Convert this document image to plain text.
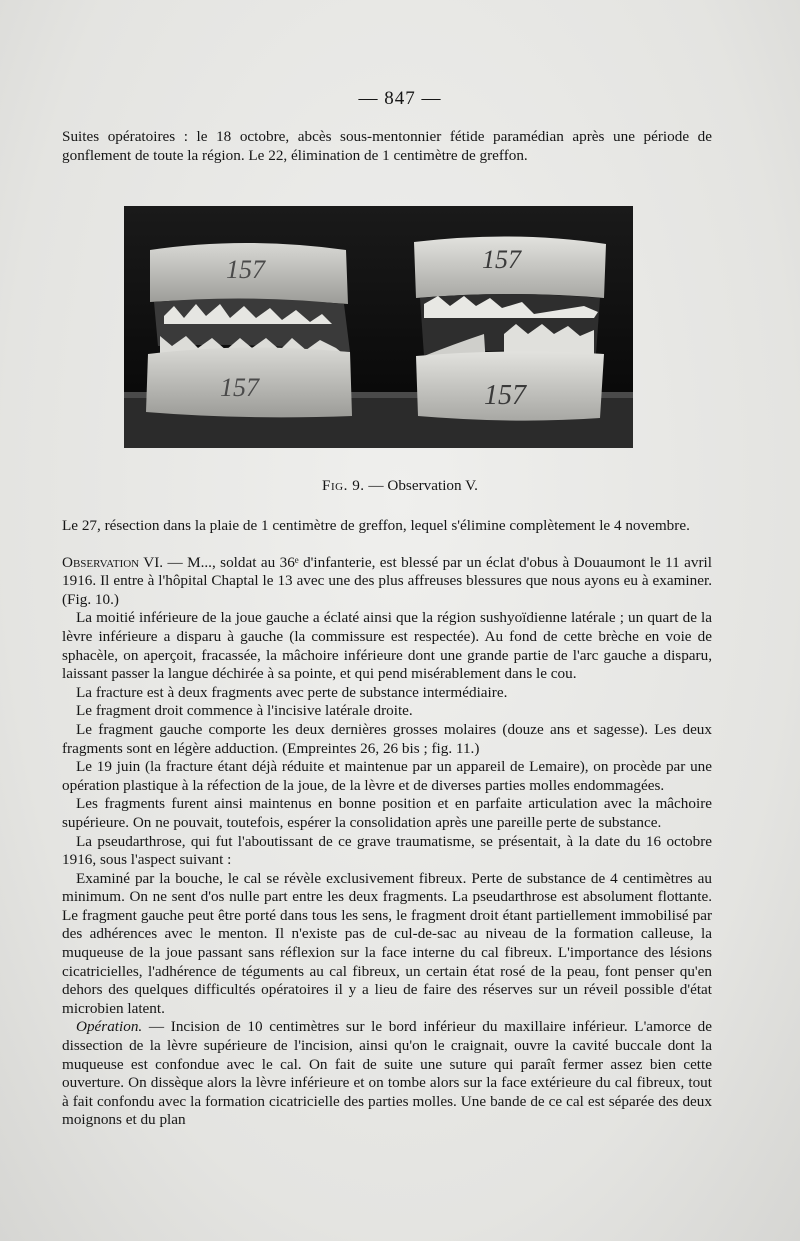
— 847 —

Suites opératoires : le 18 octobre, abcès sous-mentonnier fétide paramédian après une période de gonflement de toute la région. Le 22, élimination de 1 centimètre de greffon.

157
157
157
157
Fig. 9. — Observation V.

Le 27, résection dans la plaie de 1 centimètre de greffon, lequel s'élimine complètement le 4 novembre.

Observation VI. — M..., soldat au 36ᵉ d'infanterie, est blessé par un éclat d'obus à Douaumont le 11 avril 1916. Il entre à l'hôpital Chaptal le 13 avec une des plus affreuses blessures que nous ayons eu à examiner. (Fig. 10.)

La moitié inférieure de la joue gauche a éclaté ainsi que la région sushyoïdienne latérale ; un quart de la lèvre inférieure a disparu à gauche (la commissure est respectée). Au fond de cette brèche en voie de sphacèle, on aperçoit, fracassée, la mâchoire inférieure dont une grande partie de l'arc gauche a disparu, laissant passer la langue déchirée à sa pointe, et qui pend misérablement dans le cou.

La fracture est à deux fragments avec perte de substance intermédiaire.

Le fragment droit commence à l'incisive latérale droite.

Le fragment gauche comporte les deux dernières grosses molaires (douze ans et sagesse). Les deux fragments sont en légère adduction. (Empreintes 26, 26 bis ; fig. 11.)

Le 19 juin (la fracture étant déjà réduite et maintenue par un appareil de Lemaire), on procède par une opération plastique à la réfection de la joue, de la lèvre et de diverses parties molles endommagées.

Les fragments furent ainsi maintenus en bonne position et en parfaite articulation avec la mâchoire supérieure. On ne pouvait, toutefois, espérer la consolidation après une pareille perte de substance.

La pseudarthrose, qui fut l'aboutissant de ce grave traumatisme, se présentait, à la date du 16 octobre 1916, sous l'aspect suivant :

Examiné par la bouche, le cal se révèle exclusivement fibreux. Perte de substance de 4 centimètres au minimum. On ne sent d'os nulle part entre les deux fragments. La pseudarthrose est absolument flottante. Le fragment gauche peut être porté dans tous les sens, le fragment droit étant partiellement immobilisé par des adhérences avec le menton. Il n'existe pas de cul-de-sac au niveau de la formation calleuse, la muqueuse de la joue passant sans réflexion sur la face interne du cal fibreux. L'importance des lésions cicatricielles, l'adhérence de téguments au cal fibreux, un certain état rosé de la peau, font penser qu'en dehors des quelques difficultés opératoires il y a lieu de faire des réserves sur un réveil possible d'état microbien latent.

Opération. — Incision de 10 centimètres sur le bord inférieur du maxillaire inférieur. L'amorce de dissection de la lèvre supérieure de l'incision, ainsi qu'on le craignait, ouvre la cavité buccale dont la muqueuse est confondue avec le cal. On fait de suite une suture qui paraît fermer assez bien cette ouverture. On dissèque alors la lèvre inférieure et on tombe alors sur la face extérieure du cal fibreux, tout à fait confondu avec la formation cicatricielle des parties molles. Une bande de ce cal est séparée des deux moignons et du plan
